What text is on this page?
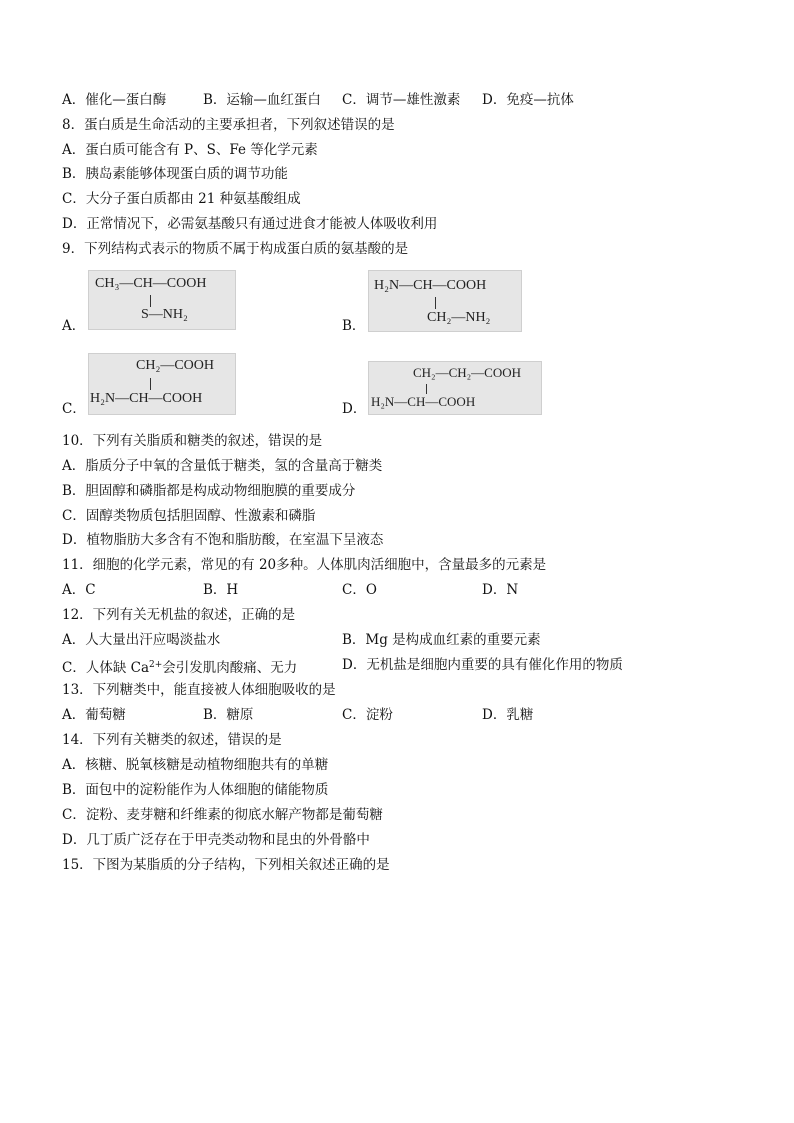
A．催化—蛋白酶	B．运输—血红蛋白 C．调节—雄性激素 D．免疫—抗体
8．蛋白质是生命活动的主要承担者，下列叙述错误的是
A．蛋白质可能含有 P、S、Fe 等化学元素
B．胰岛素能够体现蛋白质的调节功能
C．大分子蛋白质都由 21 种氨基酸组成
D．正常情况下，必需氨基酸只有通过进食才能被人体吸收利用
9．下列结构式表示的物质不属于构成蛋白质的氨基酸的是
A．
CH₃—CH—COOH
S—NH₂
B．
H₂N—CH—COOH
CH₂—NH₂
C．
CH₂—COOH
H₂N—CH—COOH
D．
CH₂—CH₂—COOH
H₂N—CH—COOH
10．下列有关脂质和糖类的叙述，错误的是
A．脂质分子中氧的含量低于糖类，氢的含量高于糖类
B．胆固醇和磷脂都是构成动物细胞膜的重要成分
C．固醇类物质包括胆固醇、性激素和磷脂
D．植物脂肪大多含有不饱和脂肪酸，在室温下呈液态
11．细胞的化学元素，常见的有 20多种。人体肌肉活细胞中，含量最多的元素是
A．C	B．H	C．O	D．N
12．下列有关无机盐的叙述，正确的是
A．人大量出汗应喝淡盐水	B．Mg 是构成血红素的重要元素
C．人体缺 $Ca^{2+}$会引发肌肉酸痛、无力	D．无机盐是细胞内重要的具有催化作用的物质
13．下列糖类中，能直接被人体细胞吸收的是
A．葡萄糖	B．糖原	C．淀粉	D．乳糖
14．下列有关糖类的叙述，错误的是
A．核糖、脱氧核糖是动植物细胞共有的单糖
B．面包中的淀粉能作为人体细胞的储能物质
C．淀粉、麦芽糖和纤维素的彻底水解产物都是葡萄糖
D．几丁质广泛存在于甲壳类动物和昆虫的外骨骼中
15．下图为某脂质的分子结构，下列相关叙述正确的是
